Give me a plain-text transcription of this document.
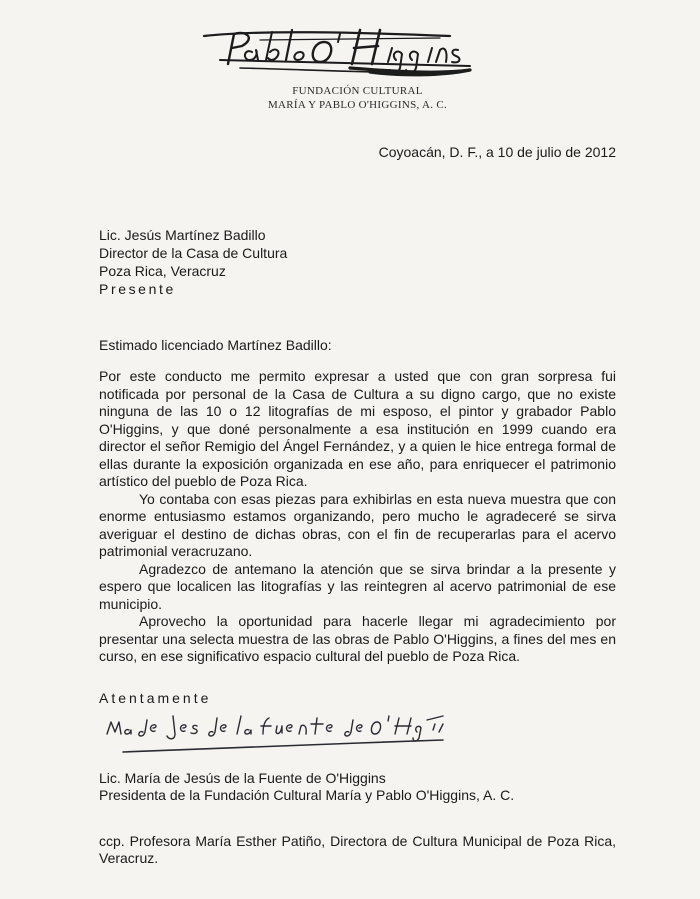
FUNDACIÓN CULTURAL
MARÍA Y PABLO O'HIGGINS, A. C.
Coyoacán, D. F., a 10 de julio de 2012
Lic. Jesús Martínez Badillo
Director de la Casa de Cultura
Poza Rica, Veracruz
Presente
Estimado licenciado Martínez Badillo:

Por este conducto me permito expresar a usted que con gran sorpresa fui notificada por personal de la Casa de Cultura a su digno cargo, que no existe ninguna de las 10 o 12 litografías de mi esposo, el pintor y grabador Pablo O'Higgins, y que doné personalmente a esa institución en 1999 cuando era director el señor Remigio del Ángel Fernández, y a quien le hice entrega formal de ellas durante la exposición organizada en ese año, para enriquecer el patrimonio artístico del pueblo de Poza Rica.

Yo contaba con esas piezas para exhibirlas en esta nueva muestra que con enorme entusiasmo estamos organizando, pero mucho le agradeceré se sirva averiguar el destino de dichas obras, con el fin de recuperarlas para el acervo patrimonial veracruzano.

Agradezco de antemano la atención que se sirva brindar a la presente y espero que localicen las litografías y las reintegren al acervo patrimonial de ese municipio.

Aprovecho la oportunidad para hacerle llegar mi agradecimiento por presentar una selecta muestra de las obras de Pablo O'Higgins, a fines del mes en curso, en ese significativo espacio cultural del pueblo de Poza Rica.

Atentamente
Lic. María de Jesús de la Fuente de O'Higgins
Presidenta de la Fundación Cultural María y Pablo O'Higgins, A. C.
ccp. Profesora María Esther Patiño, Directora de Cultura Municipal de Poza Rica, Veracruz.
